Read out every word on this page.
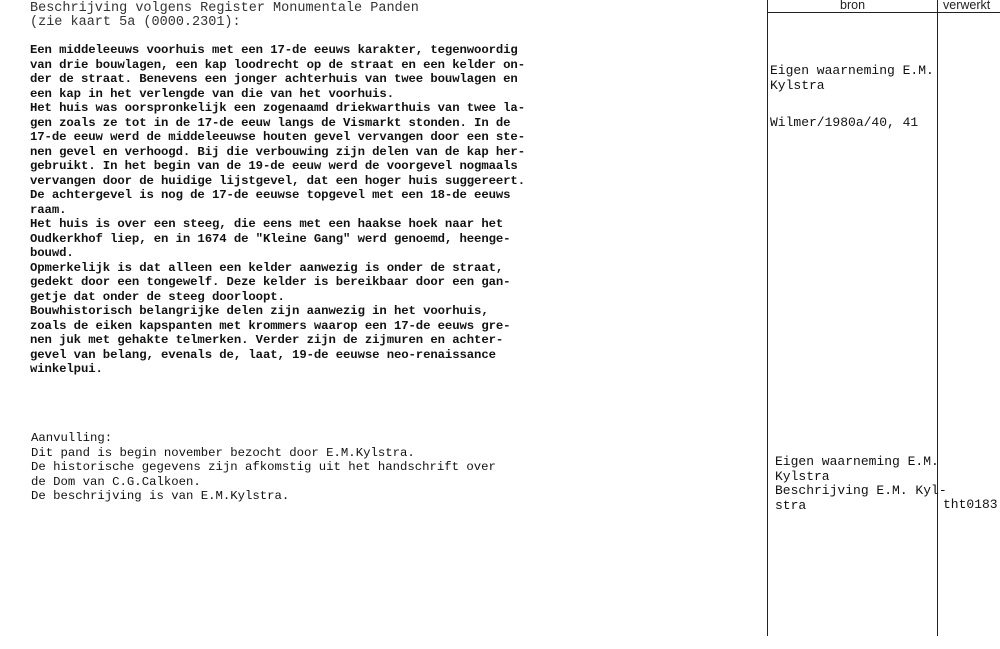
bron	verwerkt
Beschrijving volgens Register Monumentale Panden
(zie kaart 5a (0000.2301):
Een middeleeuws voorhuis met een 17-de eeuws karakter, tegenwoordig
van drie bouwlagen, een kap loodrecht op de straat en een kelder on-
der de straat. Benevens een jonger achterhuis van twee bouwlagen en
een kap in het verlengde van die van het voorhuis.
Het huis was oorspronkelijk een zogenaamd driekwarthuis van twee la-
gen zoals ze tot in de 17-de eeuw langs de Vismarkt stonden. In de
17-de eeuw werd de middeleeuwse houten gevel vervangen door een ste-
nen gevel en verhoogd. Bij die verbouwing zijn delen van de kap her-
gebruikt. In het begin van de 19-de eeuw werd de voorgevel nogmaals
vervangen door de huidige lijstgevel, dat een hoger huis suggereert.
De achtergevel is nog de 17-de eeuwse topgevel met een 18-de eeuws
raam.
Het huis is over een steeg, die eens met een haakse hoek naar het
Oudkerkhof liep, en in 1674 de "Kleine Gang" werd genoemd, heenge-
bouwd.
Opmerkelijk is dat alleen een kelder aanwezig is onder de straat,
gedekt door een tongewelf. Deze kelder is bereikbaar door een gan-
getje dat onder de steeg doorloopt.
Bouwhistorisch belangrijke delen zijn aanwezig in het voorhuis,
zoals de eiken kapspanten met krommers waarop een 17-de eeuws gre-
nen juk met gehakte telmerken. Verder zijn de zijmuren en achter-
gevel van belang, evenals de, laat, 19-de eeuwse neo-renaissance
winkelpui.
Aanvulling:
Dit pand is begin november bezocht door E.M.Kylstra.
De historische gegevens zijn afkomstig uit het handschrift over
de Dom van C.G.Calkoen.
De beschrijving is van E.M.Kylstra.
Eigen waarneming E.M.
Kylstra
Wilmer/1980a/40, 41
Eigen waarneming E.M.
Kylstra
Beschrijving E.M. Kyl-
stra	tht0183
